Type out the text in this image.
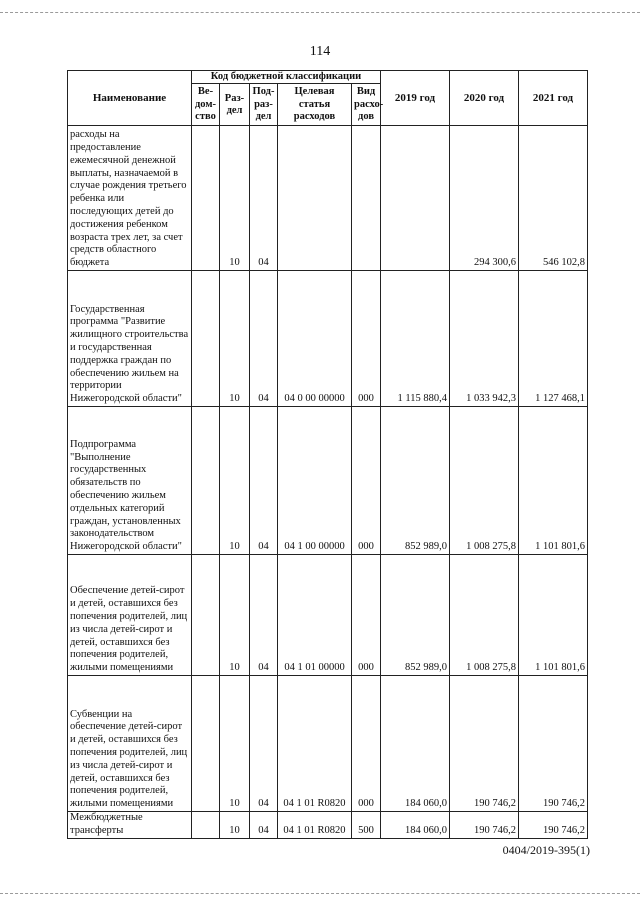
114
Наименование	Код бюджетной классификации					2019 год	2020 год	2021 год
	Ве-дом-ство	Раз-дел	Под-раз-дел	Целевая статья расходов	Вид расхо-дов			
расходы на предоставление ежемесячной денежной выплаты, назначаемой в случае рождения третьего ребенка или последующих детей до достижения ребенком возраста трех лет, за счет средств областного бюджета		10	04				294 300,6	546 102,8
Государственная программа "Развитие жилищного строительства и государственная поддержка граждан по обеспечению жильем на территории Нижегородской области"		10	04	04 0 00 00000	000	1 115 880,4	1 033 942,3	1 127 468,1
Подпрограмма "Выполнение государственных обязательств по обеспечению жильем отдельных категорий граждан, установленных законодательством Нижегородской области"		10	04	04 1 00 00000	000	852 989,0	1 008 275,8	1 101 801,6
Обеспечение детей-сирот и детей, оставшихся без попечения родителей, лиц из числа детей-сирот и детей, оставшихся без попечения родителей, жилыми помещениями		10	04	04 1 01 00000	000	852 989,0	1 008 275,8	1 101 801,6
Субвенции на обеспечение детей-сирот и детей, оставшихся без попечения родителей, лиц из числа детей-сирот и детей, оставшихся без попечения родителей, жилыми помещениями		10	04	04 1 01 R0820	000	184 060,0	190 746,2	190 746,2
Межбюджетные трансферты		10	04	04 1 01 R0820	500	184 060,0	190 746,2	190 746,2
0404/2019-395(1)
